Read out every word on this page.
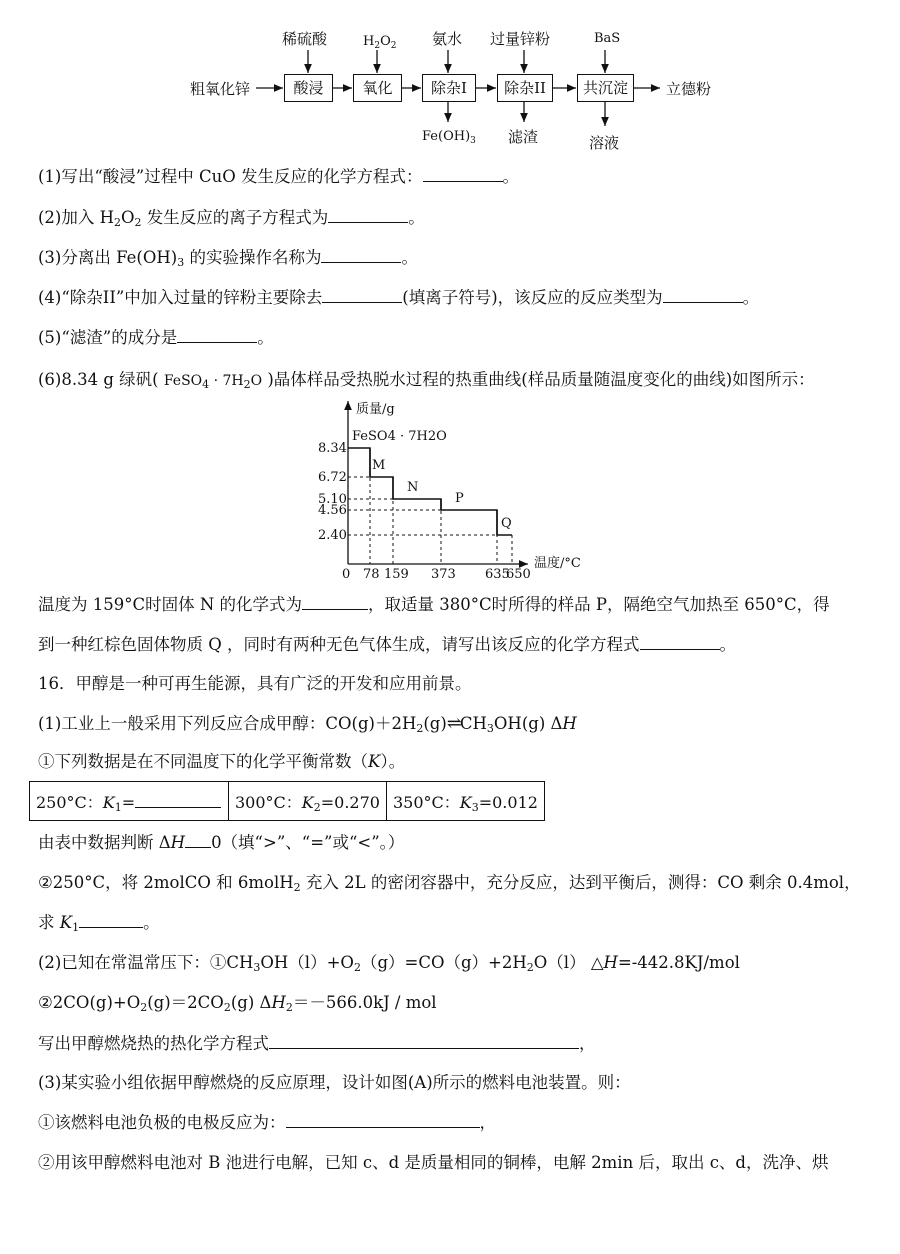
粗氧化锌	立德粉
稀硫酸	$H_2O_2$ 氨水 过量锌粉	BaS
$Fe(OH)_3$ 滤渣	溶液
酸浸	氧化	除杂I	除杂II	共沉淀
(1)写出“酸浸”过程中 CuO 发生反应的化学方程式：	。
(2)加入 $H_2O_2$ 发生反应的离子方程式为	。
(3)分离出 $Fe(OH)_3$ 的实验操作名称为	。
(4)“除杂II”中加入过量的锌粉主要除去	(填离子符号)，该反应的反应类型为	。
(5)“滤渣”的成分是	。
(6)8.34 g 绿矾( FeSO$_4$ · $7H_2O$ )晶体样品受热脱水过程的热重曲线(样品质量随温度变化的曲线)如图所示：
质量/g
温度/°C
8.34
6.72
5.10
4.56
2.40
0 78 159 373 635
650
FeSO4 · 7H2O
M
N
P
Q
温度为 159°C时固体 N 的化学式为	，取适量 380°C时所得的样品 P，隔绝空气加热至 650°C，得
到一种红棕色固体物质 Q ，同时有两种无色气体生成，请写出该反应的化学方程式	。
16．甲醇是一种可再生能源，具有广泛的开发和应用前景。
(1)工业上一般采用下列反应合成甲醇：$CO(g)+2H_2(g)\rightleftharpoons CH_3OH(g)$ ΔH
①下列数据是在不同温度下的化学平衡常数（K）。
250°C：$K_1=$	300°C：$K_2=0.270$	350°C：$K_3=0.012$
由表中数据判断 ΔH 0（填“>”、“=”或“<”。）
②250°C，将 2molCO 和 6molH$_2$ 充入 2L 的密闭容器中，充分反应，达到平衡后，测得：CO 剩余 0.4mol，
求 $K_1$	。
(2)已知在常温常压下：$①CH_3OH(l)+O_2(g)=CO(g)+2H_2O(l)$ △H=-442.8KJ/mol
$②2CO(g)+O_2(g)=2CO_2(g)$ $\Delta H_2=-566.0kJ$ / mol
写出甲醇燃烧热的热化学方程式	，
(3)某实验小组依据甲醇燃烧的反应原理，设计如图(A)所示的燃料电池装置。则：
①该燃料电池负极的电极反应为：	，
②用该甲醇燃料电池对 B 池进行电解，已知 c、d 是质量相同的铜棒，电解 2min 后，取出 c、d，洗净、烘
